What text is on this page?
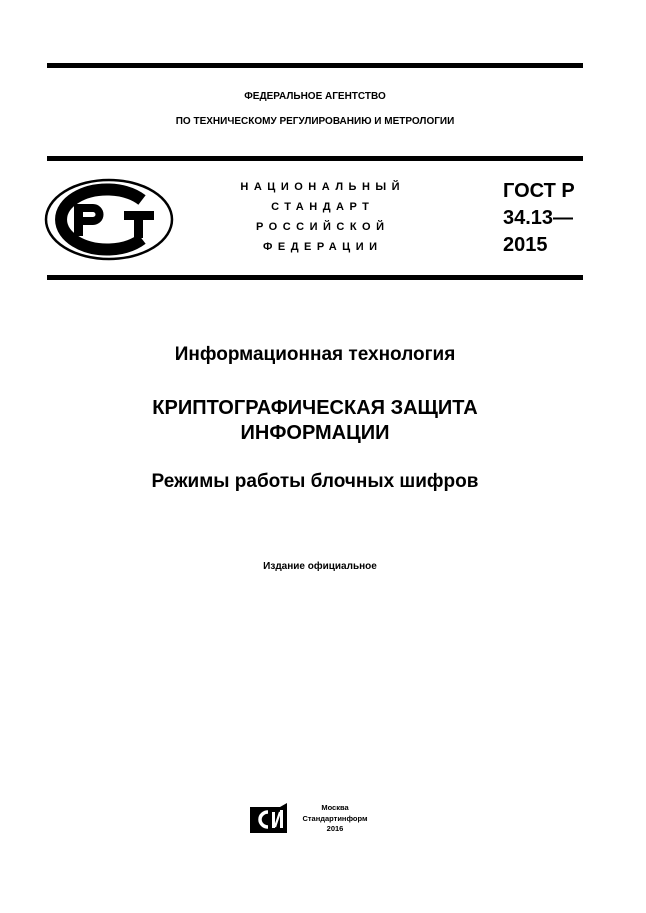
ФЕДЕРАЛЬНОЕ АГЕНТСТВО
ПО ТЕХНИЧЕСКОМУ РЕГУЛИРОВАНИЮ И МЕТРОЛОГИИ
НАЦИОНАЛЬНЫЙ
СТАНДАРТ
РОССИЙСКОЙ
ФЕДЕРАЦИИ
ГОСТ Р
34.13—
2015
Информационная технология
КРИПТОГРАФИЧЕСКАЯ ЗАЩИТА
ИНФОРМАЦИИ
Режимы работы блочных шифров
Издание официальное
Москва
Стандартинформ
2016
